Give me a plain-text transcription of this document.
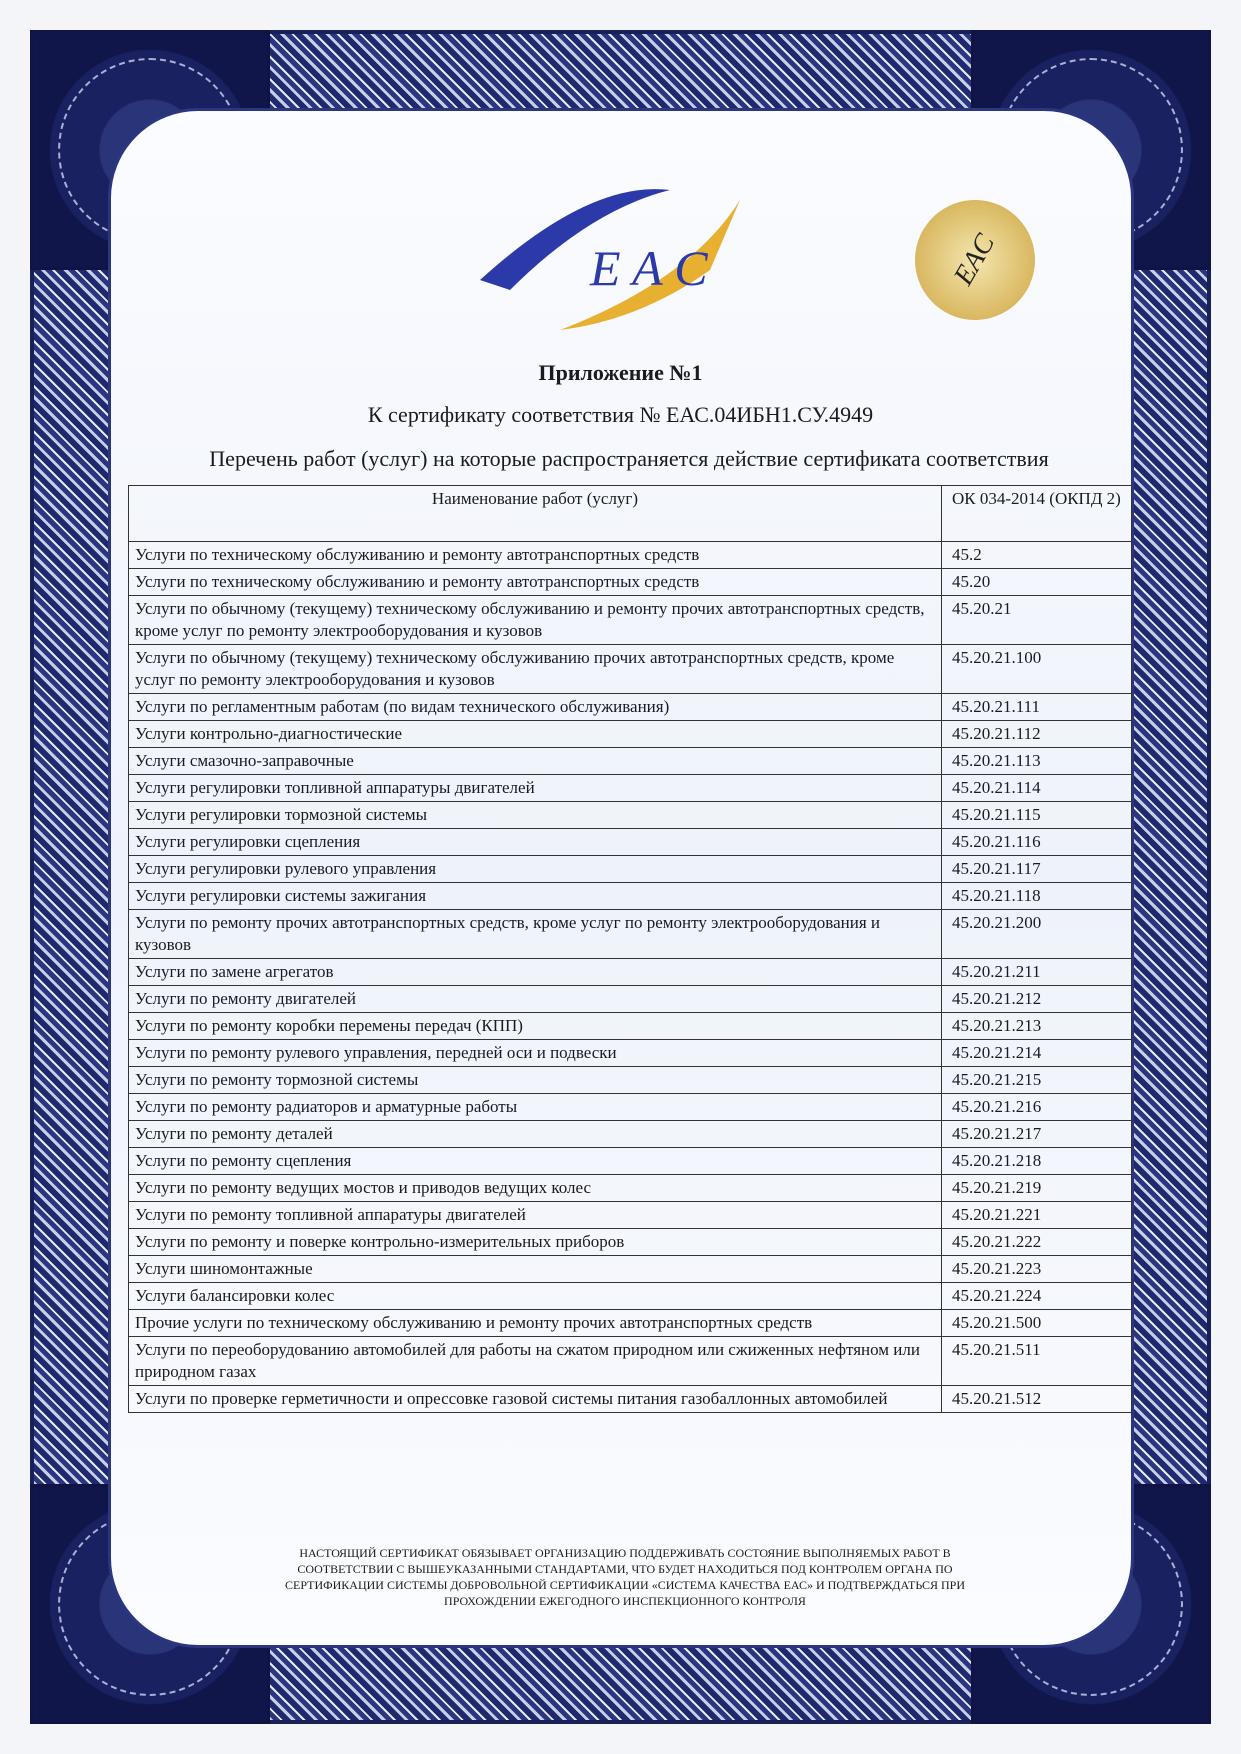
E A C	EAC
Приложение №1
К сертификату соответствия № ЕАС.04ИБН1.СУ.4949
Перечень работ (услуг) на которые распространяется действие сертификата соответствия
Наименование работ (услуг)	ОК 034-2014 (ОКПД 2)
Услуги по техническому обслуживанию и ремонту автотранспортных средств	45.2
Услуги по техническому обслуживанию и ремонту автотранспортных средств	45.20
Услуги по обычному (текущему) техническому обслуживанию и ремонту прочих автотранспортных средств, кроме услуг по ремонту электрооборудования и кузовов	45.20.21
Услуги по обычному (текущему) техническому обслуживанию прочих автотранспортных средств, кроме услуг по ремонту электрооборудования и кузовов	45.20.21.100
Услуги по регламентным работам (по видам технического обслуживания)	45.20.21.111
Услуги контрольно-диагностические	45.20.21.112
Услуги смазочно-заправочные	45.20.21.113
Услуги регулировки топливной аппаратуры двигателей	45.20.21.114
Услуги регулировки тормозной системы	45.20.21.115
Услуги регулировки сцепления	45.20.21.116
Услуги регулировки рулевого управления	45.20.21.117
Услуги регулировки системы зажигания	45.20.21.118
Услуги по ремонту прочих автотранспортных средств, кроме услуг по ремонту электрооборудования и кузовов	45.20.21.200
Услуги по замене агрегатов	45.20.21.211
Услуги по ремонту двигателей	45.20.21.212
Услуги по ремонту коробки перемены передач (КПП)	45.20.21.213
Услуги по ремонту рулевого управления, передней оси и подвески	45.20.21.214
Услуги по ремонту тормозной системы	45.20.21.215
Услуги по ремонту радиаторов и арматурные работы	45.20.21.216
Услуги по ремонту деталей	45.20.21.217
Услуги по ремонту сцепления	45.20.21.218
Услуги по ремонту ведущих мостов и приводов ведущих колес	45.20.21.219
Услуги по ремонту топливной аппаратуры двигателей	45.20.21.221
Услуги по ремонту и поверке контрольно-измерительных приборов	45.20.21.222
Услуги шиномонтажные	45.20.21.223
Услуги балансировки колес	45.20.21.224
Прочие услуги по техническому обслуживанию и ремонту прочих автотранспортных средств	45.20.21.500
Услуги по переоборудованию автомобилей для работы на сжатом природном или сжиженных нефтяном или природном газах	45.20.21.511
Услуги по проверке герметичности и опрессовке газовой системы питания газобаллонных автомобилей	45.20.21.512
НАСТОЯЩИЙ СЕРТИФИКАТ ОБЯЗЫВАЕТ ОРГАНИЗАЦИЮ ПОДДЕРЖИВАТЬ СОСТОЯНИЕ ВЫПОЛНЯЕМЫХ РАБОТ В СООТВЕТСТВИИ С ВЫШЕУКАЗАННЫМИ СТАНДАРТАМИ, ЧТО БУДЕТ НАХОДИТЬСЯ ПОД КОНТРОЛЕМ ОРГАНА ПО СЕРТИФИКАЦИИ СИСТЕМЫ ДОБРОВОЛЬНОЙ СЕРТИФИКАЦИИ «СИСТЕМА КАЧЕСТВА ЕАС» И ПОДТВЕРЖДАТЬСЯ ПРИ ПРОХОЖДЕНИИ ЕЖЕГОДНОГО ИНСПЕКЦИОННОГО КОНТРОЛЯ
